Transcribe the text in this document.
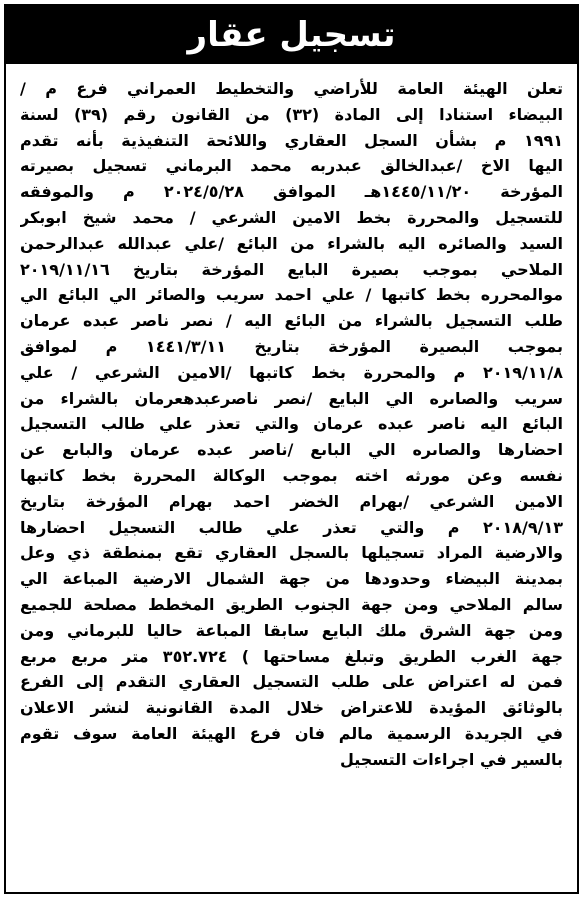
تسجيل عقار
تعلن الهيئة العامة للأراضي والتخطيط العمراني فرع م /
البيضاء استنادا إلى المادة (٣٢) من القانون رقم (٣٩) لسنة
١٩٩١ م بشأن السجل العقاري واللائحة التنفيذية بأنه تقدم
اليها الاخ /عبدالخالق عبدربه محمد البرماني تسجيل بصيرته
المؤرخة ١٤٤٥/١١/٢٠هـ الموافق ٢٠٢٤/٥/٢٨ م والموفقه
للتسجيل والمحررة بخط الامين الشرعي / محمد شيخ ابوبكر
السيد والصائره اليه بالشراء من البائع /علي عبدالله عبدالرحمن
الملاحي بموجب بصيرة البايع المؤرخة بتاريخ ٢٠١٩/١١/١٦
موالمحرره بخط كاتبها / علي احمد سريب والصائر الي البائع الي
طلب التسجيل بالشراء من البائع اليه / نصر ناصر عبده عرمان
بموجب البصيرة المؤرخة بتاريخ ١٤٤١/٣/١١ م لموافق
٢٠١٩/١١/٨ م والمحررة بخط كاتبها /الامين الشرعي / علي
سريب والصاىره الي البايع /نصر ناصرعبدهعرمان بالشراء من
البائع اليه ناصر عبده عرمان والتي تعذر علي طالب التسجيل
احضارها والصاىره الي الباىع /ناصر عبده عرمان والباىع عن
نفسه وعن مورثه اخته بموجب الوكالة المحررة بخط كاتبها
الامين الشرعي /بهرام الخضر احمد بهرام المؤرخة بتاريخ
٢٠١٨/٩/١٣ م والتي تعذر علي طالب التسجيل احضارها
والارضية المراد تسجيلها بالسجل العقاري تقع بمنطقة ذي وعل
بمدينة البيضاء وحدودها من جهة الشمال الارضية المباعة الي
سالم الملاحي ومن جهة الجنوب الطريق المخطط مصلحة للجميع
ومن جهة الشرق ملك البايع سابقا المباعة حاليا للبرماني ومن
جهة الغرب الطريق وتبلغ مساحتها ) ٣٥٢.٧٢٤ متر مربع مربع
فمن له اعتراض على طلب التسجيل العقاري التقدم إلى الفرع
بالوثائق المؤيدة للاعتراض خلال المدة القانونية لنشر الاعلان
في الجريدة الرسمية مالم فان فرع الهيئة العامة سوف تقوم
بالسير في اجراءات التسجيل
